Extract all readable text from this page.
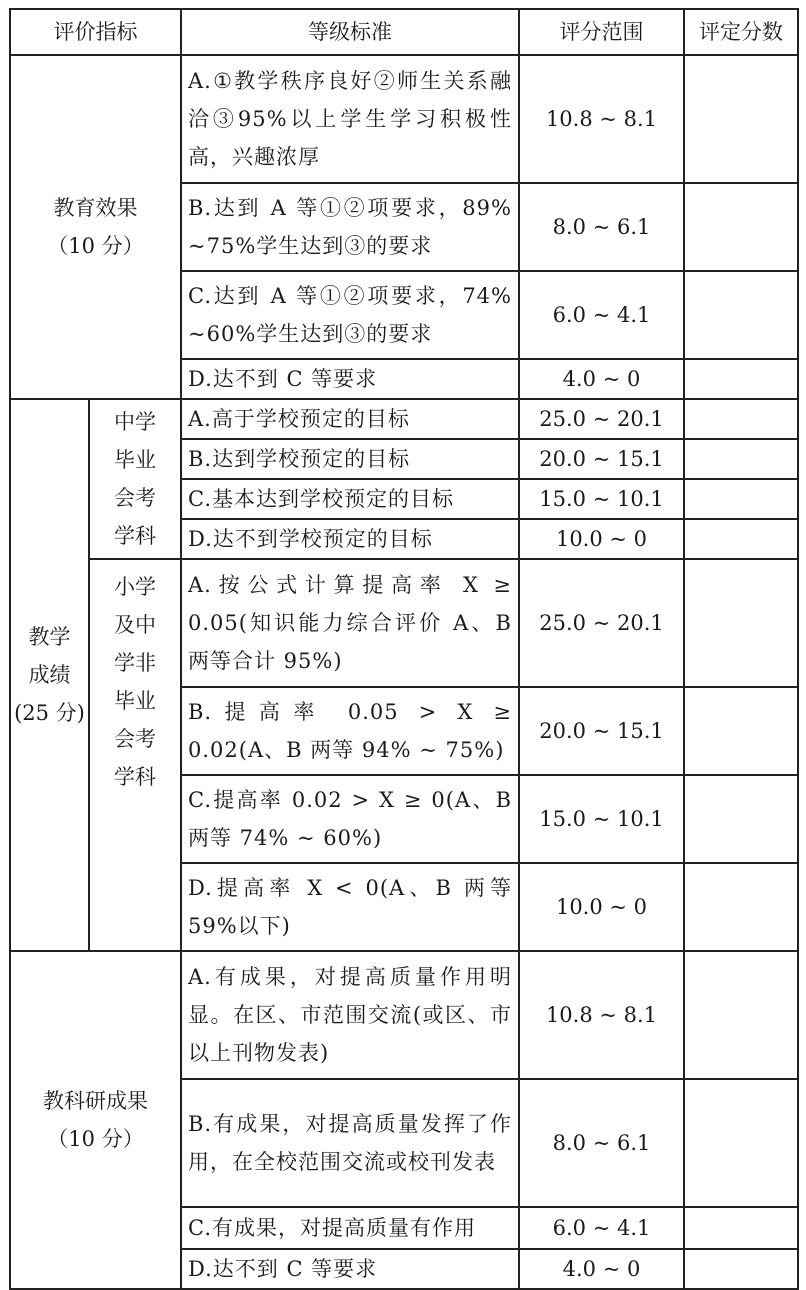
评价指标		等级标准	评分范围	评定分数

教育效果
（10 分）		A.①教学秩序良好②师生关系融洽③95%以上学生学习积极性高，兴趣浓厚	10.8 ~ 8.1	
		B.达到 A 等①②项要求，89% ~75%学生达到③的要求	8.0 ~ 6.1	
		C.达到 A 等①②项要求，74% ~60%学生达到③的要求	6.0 ~ 4.1	
		D.达不到 C 等要求	4.0 ~ 0	

教学成绩
(25 分)	中学毕业会考学科	A.高于学校预定的目标	25.0 ~ 20.1	
		B.达到学校预定的目标	20.0 ~ 15.1	
		C.基本达到学校预定的目标	15.0 ~ 10.1	
		D.达不到学校预定的目标	10.0 ~ 0	

	小学及中学非毕业会考学科	A.按公式计算提高率 X ≥ 0.05(知识能力综合评价 A、B 两等合计 95%)	25.0 ~ 20.1	
		B.提高率 0.05 > X ≥ 0.02(A、B 两等 94% ~ 75%)	20.0 ~ 15.1	
		C.提高率 0.02 > X ≥ 0(A、B 两等 74% ~ 60%)	15.0 ~ 10.1	
		D.提高率 X < 0(A、B 两等 59%以下)	10.0 ~ 0	

教科研成果
（10 分）		A.有成果，对提高质量作用明显。在区、市范围交流(或区、市以上刊物发表)	10.8 ~ 8.1	
		B.有成果，对提高质量发挥了作用，在全校范围交流或校刊发表	8.0 ~ 6.1	
		C.有成果，对提高质量有作用	6.0 ~ 4.1	
		D.达不到 C 等要求	4.0 ~ 0	
